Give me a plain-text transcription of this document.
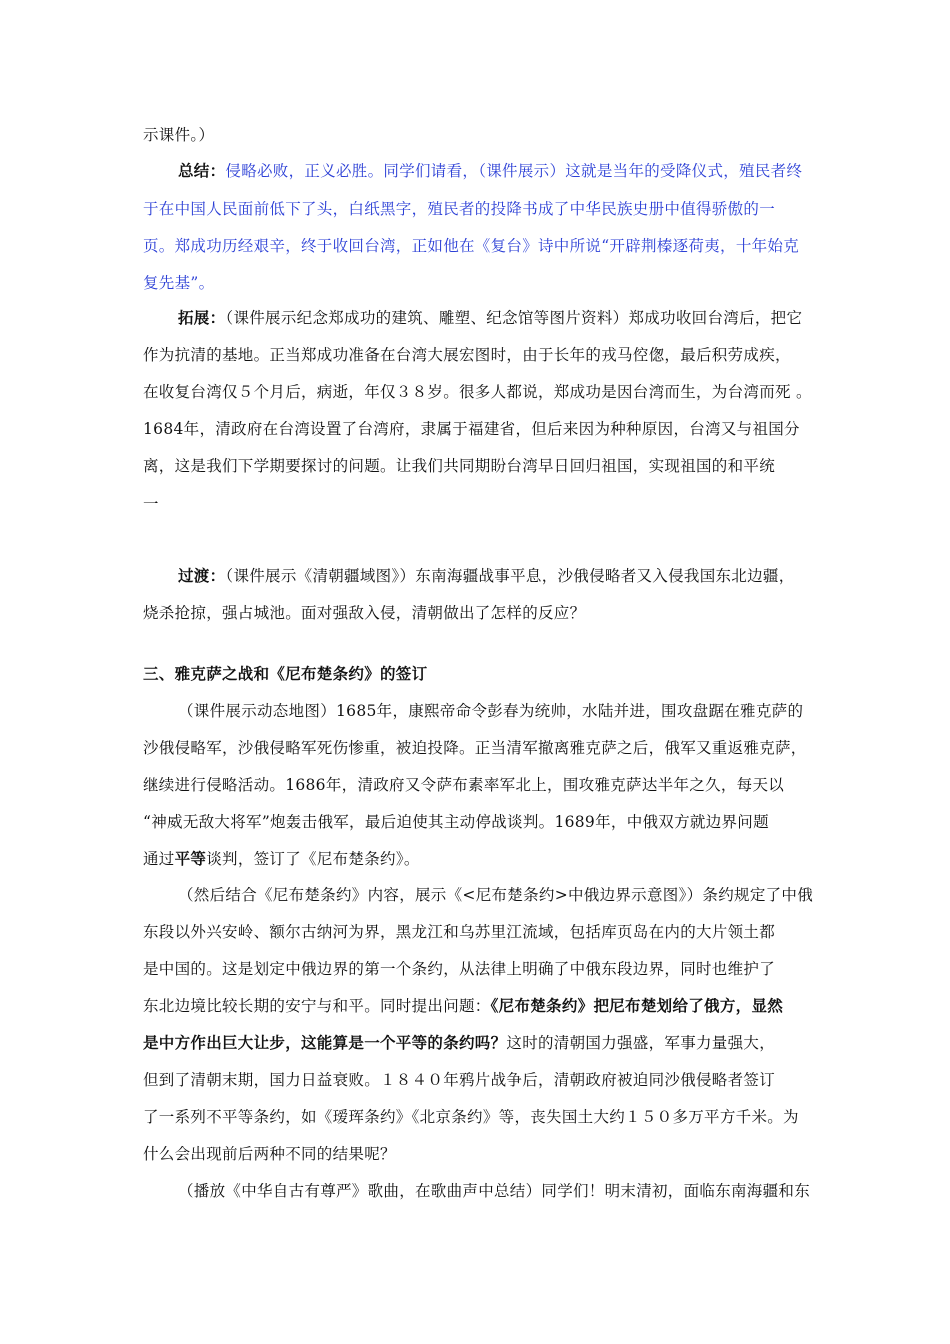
示课件。）
总结：侵略必败，正义必胜。同学们请看，（课件展示）这就是当年的受降仪式，殖民者终
于在中国人民面前低下了头，白纸黑字，殖民者的投降书成了中华民族史册中值得骄傲的一
页。郑成功历经艰辛，终于收回台湾，正如他在《复台》诗中所说“开辟荆榛逐荷夷，十年始克
复先基”。
拓展：（课件展示纪念郑成功的建筑、雕塑、纪念馆等图片资料）郑成功收回台湾后，把它
作为抗清的基地。正当郑成功准备在台湾大展宏图时，由于长年的戎马倥偬，最后积劳成疾，
在收复台湾仅５个月后，病逝，年仅３８岁。很多人都说，郑成功是因台湾而生，为台湾而死 。
1684年，清政府在台湾设置了台湾府，隶属于福建省，但后来因为种种原因，台湾又与祖国分
离，这是我们下学期要探讨的问题。让我们共同期盼台湾早日回归祖国，实现祖国的和平统
一
过渡：（课件展示《清朝疆域图》）东南海疆战事平息，沙俄侵略者又入侵我国东北边疆，
烧杀抢掠，强占城池。面对强敌入侵，清朝做出了怎样的反应？
三、雅克萨之战和《尼布楚条约》的签订
（课件展示动态地图）1685年，康熙帝命令彭春为统帅，水陆并进，围攻盘踞在雅克萨的
沙俄侵略军，沙俄侵略军死伤惨重，被迫投降。正当清军撤离雅克萨之后，俄军又重返雅克萨，
继续进行侵略活动。1686年，清政府又令萨布素率军北上，围攻雅克萨达半年之久，每天以
“神威无敌大将军”炮轰击俄军，最后迫使其主动停战谈判。1689年，中俄双方就边界问题
通过平等谈判，签订了《尼布楚条约》。
（然后结合《尼布楚条约》内容，展示《<尼布楚条约>中俄边界示意图》）条约规定了中俄
东段以外兴安岭、额尔古纳河为界，黑龙江和乌苏里江流域，包括库页岛在内的大片领土都
是中国的。这是划定中俄边界的第一个条约，从法律上明确了中俄东段边界，同时也维护了
东北边境比较长期的安宁与和平。同时提出问题：《尼布楚条约》把尼布楚划给了俄方，显然
是中方作出巨大让步，这能算是一个平等的条约吗？这时的清朝国力强盛，军事力量强大，
但到了清朝末期，国力日益衰败。１８４０年鸦片战争后，清朝政府被迫同沙俄侵略者签订
了一系列不平等条约，如《瑷珲条约》《北京条约》等，丧失国土大约１５０多万平方千米。为
什么会出现前后两种不同的结果呢？
（播放《中华自古有尊严》歌曲，在歌曲声中总结）同学们！明末清初，面临东南海疆和东
